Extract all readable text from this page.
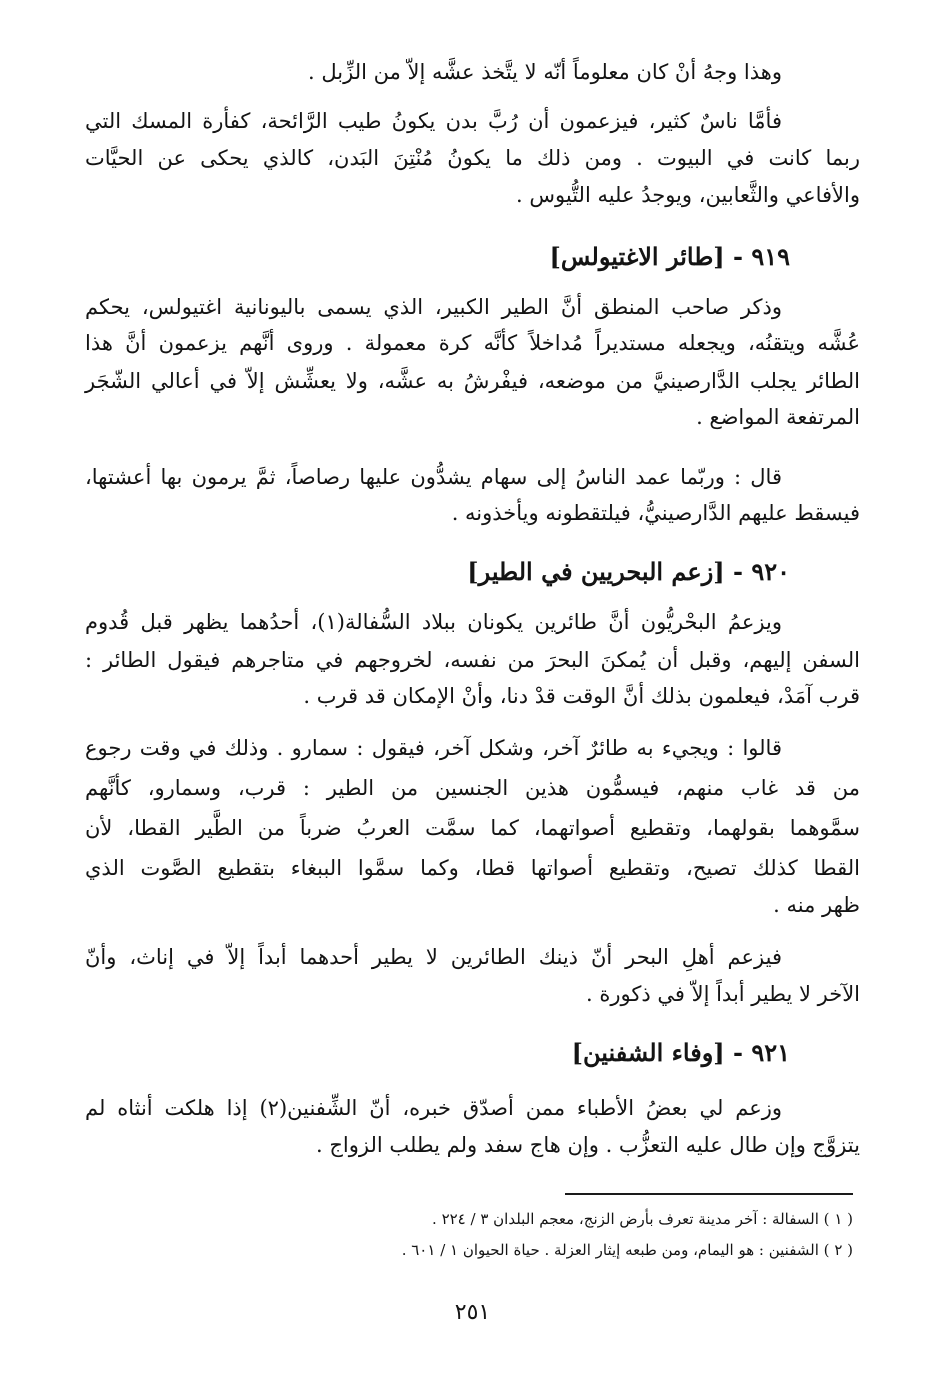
وهذا وجهُ أنْ كان معلوماً أنّه لا يتَّخذ عشَّه إلاّ من الزِّبل .
فأمَّا ناسٌ كثير، فيزعمون أن رُبَّ بدن يكونُ طيب الرَّائحة، كفأرة المسك التي
ربما كانت في البيوت . ومن ذلك ما يكونُ مُنْتِنَ البَدن، كالذي يحكى عن الحيَّات
والأفاعي والثَّعابين، ويوجدُ عليه التُّيوس .
٩١٩ - [طائر الاغتيولس]
وذكر صاحب المنطق أنَّ الطير الكبير، الذي يسمى باليونانية اغتيولس، يحكم
عُشَّه ويتقنُه، ويجعله مستديراً مُداخلاً كأنَّه كرة معمولة . وروى أنَّهم يزعمون أنَّ هذا
الطائر يجلب الدَّارصينيَّ من موضعه، فيفْرشُ به عشَّه، ولا يعشِّش إلاّ في أعالي الشّجَر
المرتفعة المواضع .
قال : وربّما عمد الناسُ إلى سهام يشدُّون عليها رصاصاً، ثمَّ يرمون بها أعشتها،
فيسقط عليهم الدَّارصينيُّ، فيلتقطونه ويأخذونه .
٩٢٠ - [زعم البحريين في الطير]
ويزعمُ البحْريُّون أنَّ طائرين يكونان ببلاد السُّفالة(١)، أحدُهما يظهر قبل قُدوم
السفن إليهم، وقبل أن يُمكنَ البحرَ من نفسه، لخروجهم في متاجرهم فيقول الطائر :
قرب آمَدْ، فيعلمون بذلك أنَّ الوقت قدْ دنا، وأنْ الإمكان قد قرب .
قالوا : ويجيء به طائرٌ آخر، وشكل آخر، فيقول : سمارو . وذلك في وقت رجوع
من قد غاب منهم، فيسمُّون هذين الجنسين من الطير : قرب، وسمارو، كأنَّهم
سمَّوهما بقولهما، وتقطيع أصواتهما، كما سمَّت العربُ ضرباً من الطَّير القطا، لأن
القطا كذلك تصيح، وتقطيع أصواتها قطا، وكما سمَّوا الببغاء بتقطيع الصَّوت الذي
ظهر منه .
فيزعم أهلِ البحر أنّ ذينك الطائرين لا يطير أحدهما أبداً إلاّ في إناث، وأنّ
الآخر لا يطير أبداً إلاّ في ذكورة .
٩٢١ - [وفاء الشفنين]
وزعم لي بعضُ الأطباء ممن أصدّق خبره، أنّ الشِّفنين(٢) إذا هلكت أنثاه لم
يتزوَّج وإن طال عليه التعزُّب . وإن هاج سفد ولم يطلب الزواج .
( ١ ) السفالة : آخر مدينة تعرف بأرض الزنج، معجم البلدان ٣ / ٢٢٤ .
( ٢ ) الشفنين : هو اليمام، ومن طبعه إيثار العزلة . حياة الحيوان ١ / ٦٠١ .
٢٥١
